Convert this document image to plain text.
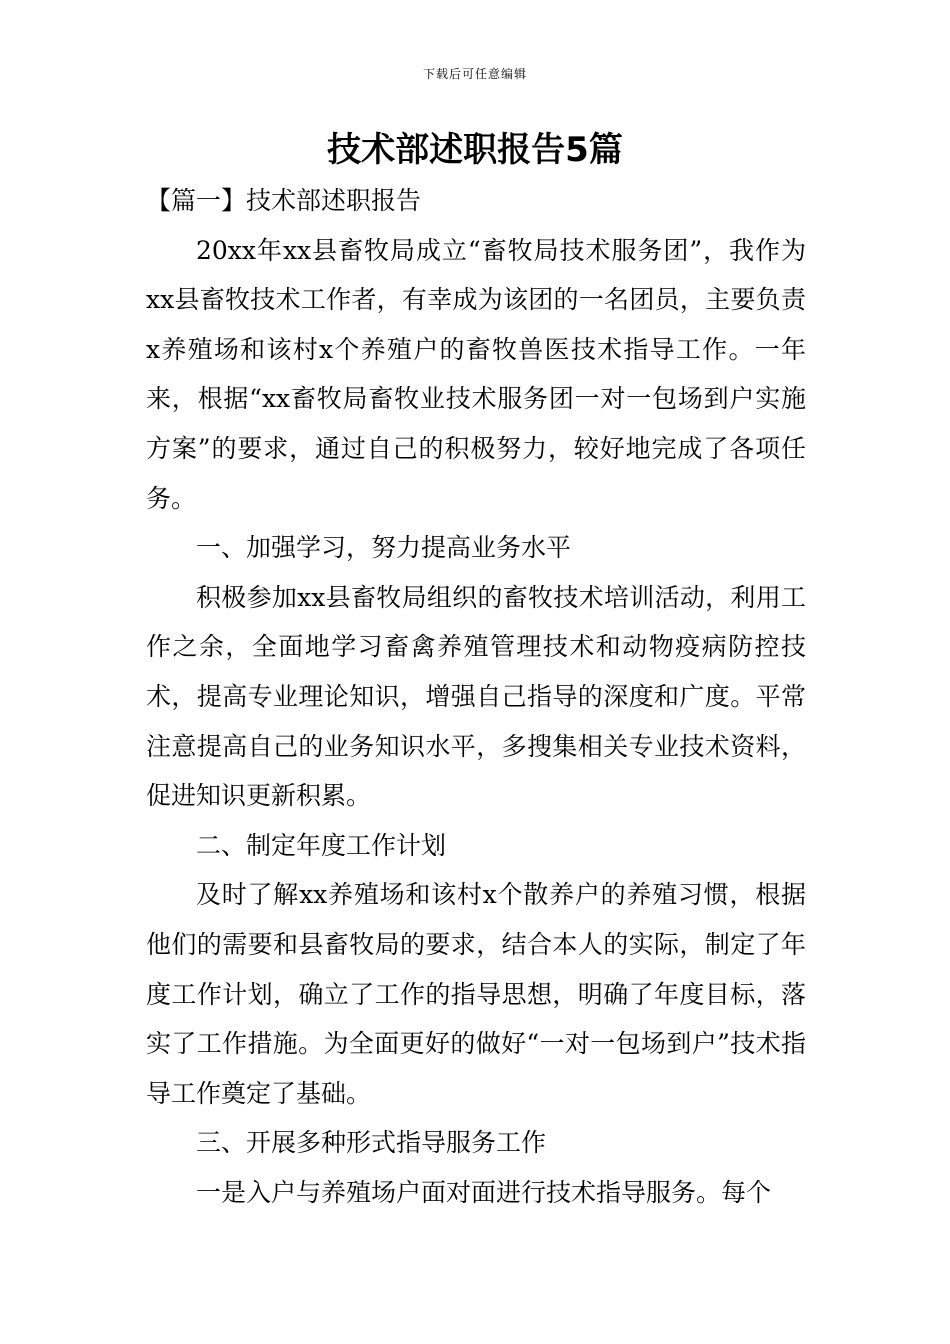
下载后可任意编辑
技术部述职报告5篇

【篇一】技术部述职报告

20xx年xx县畜牧局成立“畜牧局技术服务团”，我作为xx县畜牧技术工作者，有幸成为该团的一名团员，主要负责x养殖场和该村x个养殖户的畜牧兽医技术指导工作。一年来，根据“xx畜牧局畜牧业技术服务团一对一包场到户实施方案”的要求，通过自己的积极努力，较好地完成了各项任务。

一、加强学习，努力提高业务水平

积极参加xx县畜牧局组织的畜牧技术培训活动，利用工作之余，全面地学习畜禽养殖管理技术和动物疫病防控技术，提高专业理论知识，增强自己指导的深度和广度。平常注意提高自己的业务知识水平，多搜集相关专业技术资料，促进知识更新积累。

二、制定年度工作计划

及时了解xx养殖场和该村x个散养户的养殖习惯，根据他们的需要和县畜牧局的要求，结合本人的实际，制定了年度工作计划，确立了工作的指导思想，明确了年度目标，落实了工作措施。为全面更好的做好“一对一包场到户”技术指导工作奠定了基础。

三、开展多种形式指导服务工作

一是入户与养殖场户面对面进行技术指导服务。每个
